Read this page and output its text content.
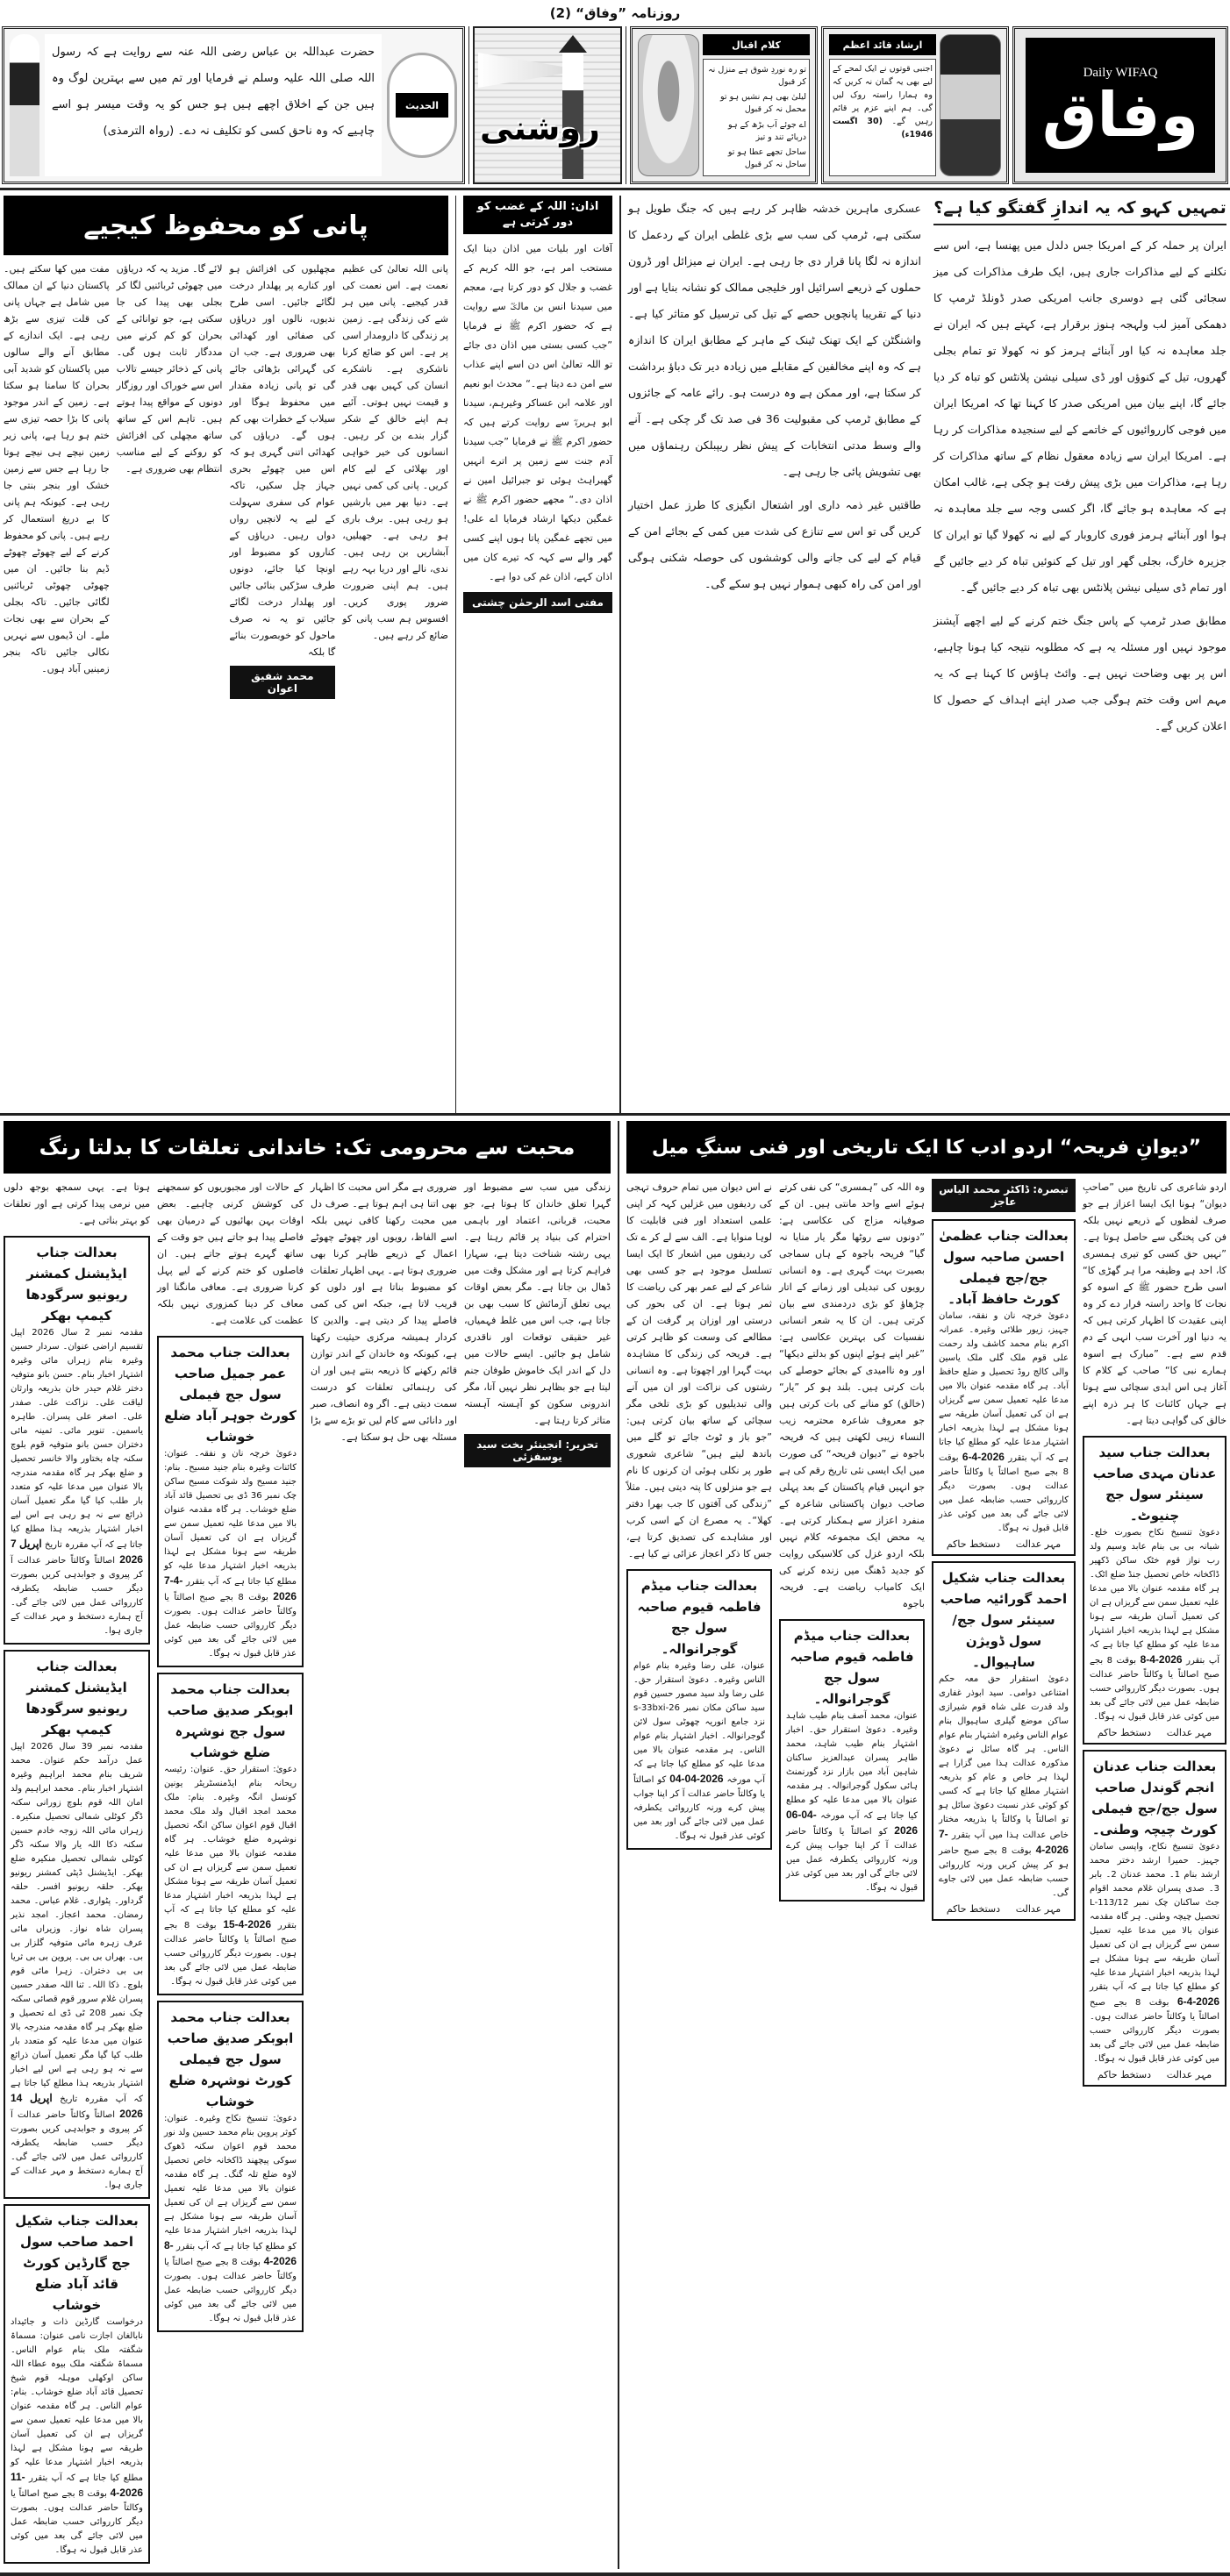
روزنامہ ”وفاق“ (2)
Daily WIFAQ
وفاق
ارشاد قائد اعظم
اجنبی قوتوں نے ایک لمحے کے لیے بھی یہ گمان نہ کریں کہ وہ ہمارا راستہ روک لیں گی۔ ہم اپنے عزم پر قائم رہیں گے۔ (30 اگست 1946ء)
کلام اقبال
تو رہ نوردِ شوق ہے منزل نہ کر قبول
لیلیٰ بھی ہم نشیں ہو تو محمل نہ کر قبول
اے جوئے آب بڑھ کے ہو دریائے تند و تیز
ساحل تجھے عطا ہو تو ساحل نہ کر قبول
روشنی
الحدیث
حضرت عبداللہ بن عباس رضی اللہ عنہ سے روایت ہے کہ رسول اللہ صلی اللہ علیہ وسلم نے فرمایا اور تم میں سے بہترین لوگ وہ ہیں جن کے اخلاق اچھے ہیں ہو جس کو یہ وقت میسر ہو اسے چاہیے کہ وہ ناحق کسی کو تکلیف نہ دے۔ (رواہ الترمذی)
تمہیں کہو کہ یہ اندازِ گفتگو کیا ہے؟
ایران پر حملہ کر کے امریکا جس دلدل میں پھنسا ہے، اس سے نکلنے کے لیے مذاکرات جاری ہیں، ایک طرف مذاکرات کی میز سجائی گئی ہے دوسری جانب امریکی صدر ڈونلڈ ٹرمپ کا دھمکی آمیز لب ولہجہ ہنوز برقرار ہے، کہتے ہیں کہ ایران نے جلد معاہدہ نہ کیا اور آبنائے ہرمز کو نہ کھولا تو تمام بجلی گھروں، تیل کے کنوؤں اور ڈی سیلی نیشن پلانٹس کو تباہ کر دیا جائے گا، اپنے بیان میں امریکی صدر کا کہنا تھا کہ امریکا ایران میں فوجی کارروائیوں کے خاتمے کے لیے سنجیدہ مذاکرات کر رہا ہے۔ امریکا ایران سے زیادہ معقول نظام کے ساتھ مذاکرات کر رہا ہے، مذاکرات میں بڑی پیش رفت ہو چکی ہے، غالب امکان ہے کہ معاہدہ ہو جائے گا، اگر کسی وجہ سے جلد معاہدہ نہ ہوا اور آبنائے ہرمز فوری کاروبار کے لیے نہ کھولا گیا تو ایران کا جزیرہ خارگ، بجلی گھر اور تیل کے کنوئیں تباہ کر دیے جائیں گے اور تمام ڈی سیلی نیشن پلانٹس بھی تباہ کر دیے جائیں گے۔
مطابق صدر ٹرمپ کے پاس جنگ ختم کرنے کے لیے اچھے آپشنز موجود نہیں اور مسئلہ یہ ہے کہ مطلوبہ نتیجہ کیا ہونا چاہیے، اس پر بھی وضاحت نہیں ہے۔ وائٹ ہاؤس کا کہنا ہے کہ یہ مہم اس وقت ختم ہوگی جب صدر اپنے اہداف کے حصول کا اعلان کریں گے۔
عسکری ماہرین خدشہ ظاہر کر رہے ہیں کہ جنگ طویل ہو سکتی ہے، ٹرمپ کی سب سے بڑی غلطی ایران کے ردعمل کا اندازہ نہ لگا پانا قرار دی جا رہی ہے۔ ایران نے میزائل اور ڈرون حملوں کے ذریعے اسرائیل اور خلیجی ممالک کو نشانہ بنایا ہے اور دنیا کے تقریبا پانچویں حصے کے تیل کی ترسیل کو متاثر کیا ہے۔ واشنگٹن کے ایک تھنک ٹینک کے ماہر کے مطابق ایران کا اندازہ ہے کہ وہ اپنے مخالفین کے مقابلے میں زیادہ دیر تک دباؤ برداشت کر سکتا ہے، اور ممکن ہے وہ درست ہو۔ رائے عامہ کے جائزوں کے مطابق ٹرمپ کی مقبولیت 36 فی صد تک گر چکی ہے۔ آنے والے وسط مدتی انتخابات کے پیش نظر ریپبلکن رہنماؤں میں بھی تشویش پائی جا رہی ہے۔
طاقتیں غیر ذمہ داری اور اشتعال انگیزی کا طرز عمل اختیار کریں گی تو اس سے تنازع کی شدت میں کمی کے بجائے امن کے قیام کے لیے کی جانے والی کوششوں کی حوصلہ شکنی ہوگی اور امن کی راہ کبھی ہموار نہیں ہو سکے گی۔
اذان: اللہ کے غضب کو دور کرتی ہے
آفات اور بلیات میں اذان دینا ایک مستحب امر ہے، جو اللہ کریم کے غضب و جلال کو دور کرتا ہے، معجم میں سیدنا انس بن مالکؓ سے روایت ہے کہ حضور اکرم ﷺ نے فرمایا ”جب کسی بستی میں اذان دی جائے تو اللہ تعالیٰ اس دن اسے اپنے عذاب سے امن دے دیتا ہے۔“ محدث ابو نعیم اور علامہ ابن عساکر وغیرہم، سیدنا ابو ہریرہؓ سے روایت کرتے ہیں کہ حضور اکرم ﷺ نے فرمایا ”جب سیدنا آدم جنت سے زمین پر اترے انہیں گھبراہٹ ہوئی تو جبرائیل امین نے اذان دی۔“ مجھے حضور اکرم ﷺ نے غمگین دیکھا ارشاد فرمایا اے علی! میں تجھے غمگین پاتا ہوں اپنے کسی گھر والے سے کہہ کہ تیرے کان میں اذان کہے، اذان غم کی دوا ہے۔
مفتی اسد الرحمٰن چشتی
پانی کو محفوظ کیجیے
پانی اللہ تعالیٰ کی عظیم نعمت ہے۔ اس نعمت کی قدر کیجیے۔ پانی میں ہر شے کی زندگی ہے۔ زمین پر زندگی کا دارومدار اسی پر ہے۔ اس کو ضائع کرنا ناشکری ہے۔ ناشکرے انسان کی کہیں بھی قدر و قیمت نہیں ہوتی۔ آئیے ہم اپنے خالق کے شکر گزار بندے بن کر رہیں۔ انسانوں کی خیر خواہی اور بھلائی کے لیے کام کریں۔ پانی کی کمی نہیں ہے۔ دنیا بھر میں بارشیں ہو رہی ہیں۔ برف باری ہو رہی ہے۔ جھیلیں، آبشاریں بن رہی ہیں۔ ندی، نالے اور دریا بہہ رہے ہیں۔ ہم اپنی ضرورت ضرور پوری کریں۔ افسوس ہم سب پانی کو ضائع کر رہے ہیں۔
مچھلیوں کی افزائش ہو اور کنارے پر پھلدار درخت لگائے جائیں۔ اسی طرح ندیوں، نالوں اور دریاؤں کی صفائی اور کھدائی بھی ضروری ہے۔ جب ان کی گہرائی بڑھائی جائے گی تو پانی زیادہ مقدار میں محفوظ ہوگا اور سیلاب کے خطرات بھی کم ہوں گے۔ دریاؤں کی کھدائی اتنی گہری ہو کہ اس میں چھوٹے بحری جہاز چل سکیں، تاکہ عوام کی سفری سہولت کے لیے یہ لانچیں رواں دواں رہیں۔ دریاؤں کے کناروں کو مضبوط اور اونچا کیا جائے، دونوں طرف سڑکیں بنائی جائیں اور پھلدار درخت لگائے جائیں تو یہ نہ صرف ماحول کو خوبصورت بنائے گا بلکہ
محمد شفیق اعوان
لائے گا۔ مزید یہ کہ دریاؤں میں چھوٹی ٹربائنیں لگا کر بجلی بھی پیدا کی جا سکتی ہے، جو توانائی کے بحران کو کم کرنے میں مددگار ثابت ہوں گی۔ پانی کے ذخائر جیسے تالاب اس سے خوراک اور روزگار دونوں کے مواقع پیدا ہوتے ہیں۔ تاہم اس کے ساتھ ساتھ مچھلی کی افزائش کو روکنے کے لیے مناسب انتظام بھی ضروری ہے۔
مفت میں کھا سکتے ہیں۔ پاکستان دنیا کے ان ممالک میں شامل ہے جہاں پانی کی قلت تیزی سے بڑھ رہی ہے۔ ایک اندازے کے مطابق آنے والے سالوں میں پاکستان کو شدید آبی بحران کا سامنا ہو سکتا ہے۔ زمین کے اندر موجود پانی کا بڑا حصہ تیزی سے ختم ہو رہا ہے، پانی زیر زمین نیچے ہی نیچے ہوتا جا رہا ہے جس سے زمین خشک اور بنجر بنتی جا رہی ہے۔ کیونکہ ہم پانی کا بے دریغ استعمال کر رہے ہیں۔ پانی کو محفوظ کرنے کے لیے چھوٹے چھوٹے ڈیم بنا جائیں۔ ان میں چھوٹی چھوٹی ٹربائنیں لگائی جائیں۔ تاکہ بجلی کے بحران سے بھی نجات ملے۔ ان ڈیموں سے نہریں نکالی جائیں تاکہ بنجر زمینیں آباد ہوں۔
”دیوانِ فریحہ“ اردو ادب کا ایک تاریخی اور فنی سنگِ میل
اردو شاعری کی تاریخ میں ”صاحبِ دیوان“ ہونا ایک ایسا اعزاز ہے جو صرف لفظوں کے ذریعے نہیں بلکہ فن کی پختگی سے حاصل ہوتا ہے۔ ”نہیں حق کسی کو تیری ہمسری کا، احد ہے وظیفہ مرا ہر گھڑی کا“ اسی طرح حضور ﷺ کے اسوہ کو نجات کا واحد راستہ قرار دے کر وہ اپنی عقیدت کا اظہار کرتی ہیں کہ یہ دنیا اور آخرت سب انہی کے دم قدم سے ہے۔ ”مبارک ہے اسوہ ہمارے نبی کا“ صاحب کے کلام کا آغاز ہی اس ابدی سچائی سے ہوتا ہے جہاں کائنات کا ہر ذرہ اپنے خالق کی گواہی دیتا ہے۔
بعدالت جناب سید عدنان مہدی صاحب سینئر سول جج چنیوٹ۔

دعویٰ تنسیخ نکاح بصورت خلع۔ شبانہ بی بی بنام عابد وسیم ولد رب نواز قوم خٹک ساکن ڈکھیر ڈاکخانہ خاص تحصیل جنڈ ضلع اٹک۔ ہر گاہ مقدمہ عنوان بالا میں مدعا علیہ تعمیل سمن سے گریزاں ہے ان کی تعمیل آسان طریقہ سے ہونا مشکل ہے لہذا بذریعہ اخبار اشتہار مدعا علیہ کو مطلع کیا جاتا ہے کہ آپ بتقرر 8-4-2026 بوقت 8 بجے صبح اصالتاً یا وکالتاً حاضر عدالت ہوں۔ بصورت دیگر کارروائی حسب ضابطہ عمل میں لائی جائے گی بعد میں کوئی عذر قابل قبول نہ ہوگا۔

مہر عدالت
دستخط حاکم
بعدالت جناب عدنان انجم گوندل صاحب سول جج/جج فیملی کورٹ چیچہ وطنی۔

دعویٰ تنسیخ نکاح، واپسی سامان جہیز۔ حمیرا ارشد دختر محمد ارشد بنام 1۔ محمد عدنان 2۔ بابر 3۔ صدی پسران غلام محمد اقوام جٹ ساکنان چک نمبر 113/12-L تحصیل چیچہ وطنی۔ ہر گاہ مقدمہ عنوان بالا میں مدعا علیہ تعمیل سمن سے گریزاں ہے ان کی تعمیل آسان طریقہ سے ہونا مشکل ہے لہذا بذریعہ اخبار اشتہار مدعا علیہ کو مطلع کیا جاتا ہے کہ آپ بتقرر 6-4-2026 بوقت 8 بجے صبح اصالتاً یا وکالتاً حاضر عدالت ہوں۔ بصورت دیگر کارروائی حسب ضابطہ عمل میں لائی جائے گی بعد میں کوئی عذر قابل قبول نہ ہوگا۔

مہر عدالت
دستخط حاکم
تبصرہ: ڈاکٹر محمد الیاس عاجز
بعدالت جناب عظمیٰ احسن صاحبہ سول جج/جج فیملی کورٹ حافظ آباد۔

دعویٰ خرچہ نان و نفقہ، سامان جہیز، زیور طلائی وغیرہ۔ عمرانہ اکرم بنام محمد کاشف ولد رحمت علی قوم ملک گلی ملک یاسین والی کالج روڈ تحصیل و ضلع حافظ آباد۔ ہر گاہ مقدمہ عنوان بالا میں مدعا علیہ تعمیل سمن سے گریزاں ہے ان کی تعمیل آسان طریقہ سے ہونا مشکل ہے لہذا بذریعہ اخبار اشتہار مدعا علیہ کو مطلع کیا جاتا ہے کہ آپ بتقرر 6-4-2026 بوقت 8 بجے صبح اصالتاً یا وکالتاً حاضر عدالت ہوں۔ بصورت دیگر کارروائی حسب ضابطہ عمل میں لائی جائے گی بعد میں کوئی عذر قابل قبول نہ ہوگا۔

مہر عدالت
دستخط حاکم
بعدالت جناب شکیل احمد گورائیہ صاحب سینئر سول جج/سول ڈویژن ساہیوال۔

دعویٰ استقرار حق معہ حکم امتناعی دوامی۔ سید ابوذر غفاری ولد قدرت علی شاہ قوم شیرازی ساکن موضع گیلری ساہیوال بنام عوام الناس وغیرہ اشتہار بنام عوام الناس۔ ہر گاہ سائل نے دعویٰ مذکورہ عدالت ہذا میں گزارا ہے لہذا ہر خاص و عام کو بذریعہ اشتہار مطلع کیا جاتا ہے کہ کسی کو کوئی عذر نسبت دعویٰ سائل ہو تو اصالتاً یا وکالتاً یا بذریعہ مختار خاص عدالت ہذا میں آپ بتقرر 7-4-2026 بوقت 8 بجے صبح حاضر ہو کر پیش کریں ورنہ کارروائی حسب ضابطہ عمل میں لائی جاوے گی۔

مہر عدالت
دستخط حاکم
وہ اللہ کی ”ہمسری“ کی نفی کرتے ہوئے اسے واحد مانتی ہیں۔ ان کے صوفیانہ مزاج کی عکاسی ہے: ”دونوں سے روٹھا مگر یار منایا نہ گیا“ فریحہ باجوہ کے ہاں سماجی بصیرت بہت گہری ہے۔ وہ انسانی رویوں کی تبدیلی اور زمانے کے اتار چڑھاؤ کو بڑی دردمندی سے بیان کرتی ہیں۔ ان کا یہ شعر انسانی نفسیات کی بہترین عکاسی ہے: ”غیر اپنے ہوئے اپنوں کو بدلتے دیکھا“ اور وہ ناامیدی کے بجائے حوصلے کی بات کرتی ہیں۔ بلند ہو کر ”یار“ (خالق) کو منانے کی بات کرتی ہیں جو معروف شاعرہ محترمہ زیب النساء زیبی لکھتی ہیں کہ فریحہ باجوہ نے ”دیوان فریحہ“ کی صورت میں ایک ایسی نئی تاریخ رقم کی ہے جو انہیں قیام پاکستان کے بعد پہلی صاحب دیوان پاکستانی شاعرہ کے منفرد اعزاز سے ہمکنار کرتی ہے۔ یہ محض ایک مجموعہ کلام نہیں بلکہ اردو غزل کی کلاسیکی روایت کو جدید ڈھنگ میں زندہ کرنے کی ایک کامیاب ریاضت ہے۔ فریحہ باجوہ
بعدالت جناب میڈم فاطمہ قیوم صاحبہ سول جج گوجرانوالہ۔

عنوان، محمد آصف بنام طیب شاہد وغیرہ۔ دعویٰ استقرار حق۔ اخبار اشتہار بنام طیب شاہد، محمد طاہر پسران عبدالعزیز ساکنان شاہین آباد مین بازار نزد گورنمنٹ ہائی سکول گوجرانوالہ۔ ہر مقدمہ عنوان بالا میں مدعا علیہ کو مطلع کیا جاتا ہے کہ آپ مورخہ 06-04-2026 کو اصالتاً یا وکالتاً حاضر عدالت آ کر اپنا جواب پیش کرے ورنہ کارروائی یکطرفہ عمل میں لائی جائے گی اور بعد میں کوئی عذر قبول نہ ہوگا۔

نے اس دیوان میں تمام حروف تہجی کی ردیفوں میں غزلیں کہہ کر اپنی علمی استعداد اور فنی قابلیت کا لوہا منوایا ہے۔ الف سے لے کر ے تک کی ردیفوں میں اشعار کا ایک ایسا تسلسل موجود ہے جو کسی بھی شاعر کے لیے عمر بھر کی ریاضت کا ثمر ہوتا ہے۔ ان کی بحور کی درستی اور اوزان پر گرفت ان کے مطالعے کی وسعت کو ظاہر کرتی ہے۔ فریحہ کی زندگی کا مشاہدہ بہت گہرا اور اچھوتا ہے۔ وہ انسانی رشتوں کی نزاکت اور ان میں آنے والی تبدیلیوں کو بڑی تلخی مگر سچائی کے ساتھ بیان کرتی ہیں: ”جو باز و ٹوٹ جائے تو گلے میں باندھ لیتے ہیں“ شاعری شعوری طور پر نکلی ہوئی ان کرنوں کا نام ہے جو منزلوں کا پتہ دیتی ہیں۔ مثلاً ”زندگی کی آفتوں کا جب بھرا دفتر کھلا“۔ یہ مصرع ان کے اسی کرب اور مشاہدے کی تصدیق کرتا ہے، جس کا ذکر اعجاز عزائی نے کیا ہے۔
بعدالت جناب میڈم فاطمہ قیوم صاحبہ سول جج گوجرانوالہ۔

عنوان، علی رضا وغیرہ بنام عوام الناس وغیرہ۔ دعویٰ استقرار حق۔ علی رضا ولد سید مصور حسین قوم سید ساکن مکان نمبر 26-s-33bxi نزد جامع انوریہ چھوٹی سول لائن گوجرانوالہ۔ اخبار اشتہار بنام عوام الناس۔ ہر مقدمہ عنوان بالا میں مدعا علیہ کو مطلع کیا جاتا ہے کہ آپ مورخہ 04-04-2026 کو اصالتاً یا وکالتاً حاضر عدالت آ کر اپنا جواب پیش کرے ورنہ کارروائی یکطرفہ عمل میں لائی جائے گی اور بعد میں کوئی عذر قبول نہ ہوگا۔

محبت سے محرومی تک: خاندانی تعلقات کا بدلتا رنگ
زندگی میں سب سے مضبوط اور گہرا تعلق خاندان کا ہوتا ہے، جو محبت، قربانی، اعتماد اور باہمی احترام کی بنیاد پر قائم رہتا ہے۔ یہی رشتہ شناخت دیتا ہے، سہارا فراہم کرتا ہے اور مشکل وقت میں ڈھال بن جاتا ہے۔ مگر بعض اوقات یہی تعلق آزمائش کا سبب بھی بن جاتا ہے، جب اس میں غلط فہمیاں، غیر حقیقی توقعات اور ناقدری شامل ہو جائیں۔ ایسے حالات میں دل کے اندر ایک خاموش طوفان جنم لیتا ہے جو بظاہر نظر نہیں آتا، مگر اندرونی سکون کو آہستہ آہستہ متاثر کرتا رہتا ہے۔
تحریر: انجینئر بخت سید یوسفزئی
ضروری ہے مگر اس محبت کا اظہار بھی اتنا ہی اہم ہوتا ہے۔ صرف دل میں محبت رکھنا کافی نہیں بلکہ اسے الفاظ، رویوں اور چھوٹے چھوٹے اعمال کے ذریعے ظاہر کرنا بھی ضروری ہوتا ہے۔ یہی اظہار تعلقات کو مضبوط بناتا ہے اور دلوں کو قریب لاتا ہے، جبکہ اس کی کمی فاصلے پیدا کر دیتی ہے۔ والدین کا کردار ہمیشہ مرکزی حیثیت رکھتا ہے، کیونکہ وہ خاندان کے اندر توازن قائم رکھنے کا ذریعہ بنتے ہیں اور ان کی رہنمائی تعلقات کو درست سمت دیتی ہے۔ اگر وہ انصاف، صبر اور دانائی سے کام لیں تو بڑے سے بڑا مسئلہ بھی حل ہو سکتا ہے۔
کے حالات اور مجبوریوں کو سمجھنے کی کوشش کرنی چاہیے۔ بعض اوقات بہن بھائیوں کے درمیان بھی فاصلے پیدا ہو جاتے ہیں جو وقت کے ساتھ گہرے ہوتے جاتے ہیں۔ ان فاصلوں کو ختم کرنے کے لیے پہل کرنا ضروری ہے۔ معافی مانگنا اور معاف کر دینا کمزوری نہیں بلکہ عظمت کی علامت ہے۔
بعدالت جناب محمد عمر جمیل صاحب سول جج فیملی کورٹ جوہر آباد ضلع خوشاب

دعویٰ خرچہ نان و نفقہ۔ عنوان: کائنات وغیرہ بنام جنید مسیح۔ بنام: جنید مسیح ولد شوکت مسیح ساکن چک نمبر 36 ڈی بی تحصیل قائد آباد ضلع خوشاب۔ ہر گاہ مقدمہ عنوان بالا میں مدعا علیہ تعمیل سمن سے گریزاں ہے ان کی تعمیل آسان طریقہ سے ہونا مشکل ہے لہذا بذریعہ اخبار اشتہار مدعا علیہ کو مطلع کیا جاتا ہے کہ آپ بتقرر 7-4-2026 بوقت 8 بجے صبح اصالتاً یا وکالتاً حاضر عدالت ہوں۔ بصورت دیگر کارروائی حسب ضابطہ عمل میں لائی جائے گی بعد میں کوئی عذر قابل قبول نہ ہوگا۔

بعدالت جناب محمد ابوبکر صدیق صاحب سول جج نوشہرہ ضلع خوشاب

دعویٰ: استقرار حق۔ عنوان: رئیسہ ریحانہ بنام ایڈمنسٹریٹر یونین کونسل انگہ وغیرہ۔ بنام: ملک محمد امجد اقبال ولد ملک محمد اقبال قوم اعوان ساکن انگہ تحصیل نوشہرہ ضلع خوشاب۔ ہر گاہ مقدمہ عنوان بالا میں مدعا علیہ تعمیل سمن سے گریزاں ہے ان کی تعمیل آسان طریقہ سے ہونا مشکل ہے لہذا بذریعہ اخبار اشتہار مدعا علیہ کو مطلع کیا جاتا ہے کہ آپ بتقرر 15-4-2026 بوقت 8 بجے صبح اصالتاً یا وکالتاً حاضر عدالت ہوں۔ بصورت دیگر کارروائی حسب ضابطہ عمل میں لائی جائے گی بعد میں کوئی عذر قابل قبول نہ ہوگا۔

بعدالت جناب محمد ابوبکر صدیق صاحب سول جج فیملی کورٹ نوشہرہ ضلع خوشاب

دعویٰ: تنسیخ نکاح وغیرہ۔ عنوان: کوثر پروین بنام محمد حسین ولد نور محمد قوم اعوان سکنہ ڈھوک سوکی پیچھند ڈاکخانہ خاص تحصیل لاوہ ضلع تلہ گنگ۔ ہر گاہ مقدمہ عنوان بالا میں مدعا علیہ تعمیل سمن سے گریزاں ہے ان کی تعمیل آسان طریقہ سے ہونا مشکل ہے لہذا بذریعہ اخبار اشتہار مدعا علیہ کو مطلع کیا جاتا ہے کہ آپ بتقرر 8-4-2026 بوقت 8 بجے صبح اصالتاً یا وکالتاً حاضر عدالت ہوں۔ بصورت دیگر کارروائی حسب ضابطہ عمل میں لائی جائے گی بعد میں کوئی عذر قابل قبول نہ ہوگا۔

ہوتا ہے۔ یہی سمجھ بوجھ دلوں میں نرمی پیدا کرتی ہے اور تعلقات کو بہتر بناتی ہے۔
بعدالت جناب ایڈیشنل کمشنر ریونیو سرگودھا کیمپ بھکر

مقدمہ نمبر 2 سال 2026 اپیل تقسیم اراضی عنوان۔ سردار حسین وغیرہ بنام زہراں مائی وغیرہ اشتہار اخبار بنام۔ حسن بانو متوفیہ دختر غلام حیدر خان بذریعہ وارثان لیاقت علی۔ نزاکت علی۔ صفدر علی۔ اصغر علی پسران۔ طاہرہ یاسمین۔ تنویر مائی۔ ثمینہ مائی دختران حسن بانو متوفیہ قوم بلوچ سکنہ چاہ بختاور والا خانسر تحصیل و ضلع بھکر ہر گاہ مقدمہ مندرجہ بالا عنوان میں مدعا علیہ کو متعدد بار طلب کیا گیا مگر تعمیل آسان ذرائع سے نہ ہو رہی ہے اس لیے اخبار اشتہار بذریعہ ہذا مطلع کیا جاتا ہے کہ آپ مقررہ تاریخ 7 اپریل 2026 اصالتاً وکالتاً حاضر عدالت آ کر پیروی و جوابدہی کریں بصورت دیگر حسب ضابطہ یکطرفہ کارروائی عمل میں لائی جائے گی۔ آج ہمارے دستخط و مہر عدالت کے جاری ہوا۔

بعدالت جناب ایڈیشنل کمشنر ریونیو سرگودھا کیمپ بھکر

مقدمہ نمبر 39 سال 2026 اپیل عمل درآمد حکم عنوان۔ محمد شریف بنام محمد ابراہیم وغیرہ اشتہار اخبار بنام۔ محمد ابراہیم ولد امان اللہ قوم بلوچ زورانی سکنہ ڈگر کوٹلی شمالی تحصیل منکیرہ۔ زہراں مائی اللہ زوجہ خادم حسین سکنہ ذکا اللہ یار والا سکنہ ڈگر کوٹلی شمالی تحصیل منکیرہ ضلع بھکر۔ ایڈیشنل ڈپٹی کمشنر ریونیو بھکر۔ حلقہ ریونیو افسر۔ حلقہ گرداور۔ پٹواری۔ غلام عباس۔ محمد رمضان۔ محمد اعجاز۔ امجد نذیر پسران شاہ نواز۔ وزیراں مائی عرف زہرہ مائی متوفیہ گلزار بی بی۔ بھراں بی بی۔ پروین بی بی ثریا بی بی دختران۔ زہرا مائی قوم بلوچ۔ ذکا اللہ۔ ثنا اللہ صفدر حسین پسران غلام سرور قوم قصائی سکنہ چک نمبر 208 ٹی ڈی اے تحصیل و ضلع بھکر ہر گاہ مقدمہ مندرجہ بالا عنوان میں مدعا علیہ کو متعدد بار طلب کیا گیا مگر تعمیل آسان ذرائع سے نہ ہو رہی ہے اس لیے اخبار اشتہار بذریعہ ہذا مطلع کیا جاتا ہے کہ آپ مقررہ تاریخ 14 اپریل 2026 اصالتاً وکالتاً حاضر عدالت آ کر پیروی و جوابدہی کریں بصورت دیگر حسب ضابطہ یکطرفہ کارروائی عمل میں لائی جائے گی۔ آج ہمارے دستخط و مہر عدالت کے جاری ہوا۔

بعدالت جناب شکیل احمد صاحب سول جج گارڈین کورٹ قائد آباد ضلع خوشاب

درخواست گارڈین ذات و جائیداد نابالغان اجازت نامی عنوان: مسماۃ شگفتہ ملک بنام عوام الناس۔ مسماۃ شگفتہ ملک بیوہ عطاء اللہ ساکن اوکھلی موہلہ قوم شیخ تحصیل قائد آباد ضلع خوشاب۔ بنام: عوام الناس۔ ہر گاہ مقدمہ عنوان بالا میں مدعا علیہ تعمیل سمن سے گریزاں ہے ان کی تعمیل آسان طریقہ سے ہونا مشکل ہے لہذا بذریعہ اخبار اشتہار مدعا علیہ کو مطلع کیا جاتا ہے کہ آپ بتقرر 11-4-2026 بوقت 8 بجے صبح اصالتاً یا وکالتاً حاضر عدالت ہوں۔ بصورت دیگر کارروائی حسب ضابطہ عمل میں لائی جائے گی بعد میں کوئی عذر قابل قبول نہ ہوگا۔
